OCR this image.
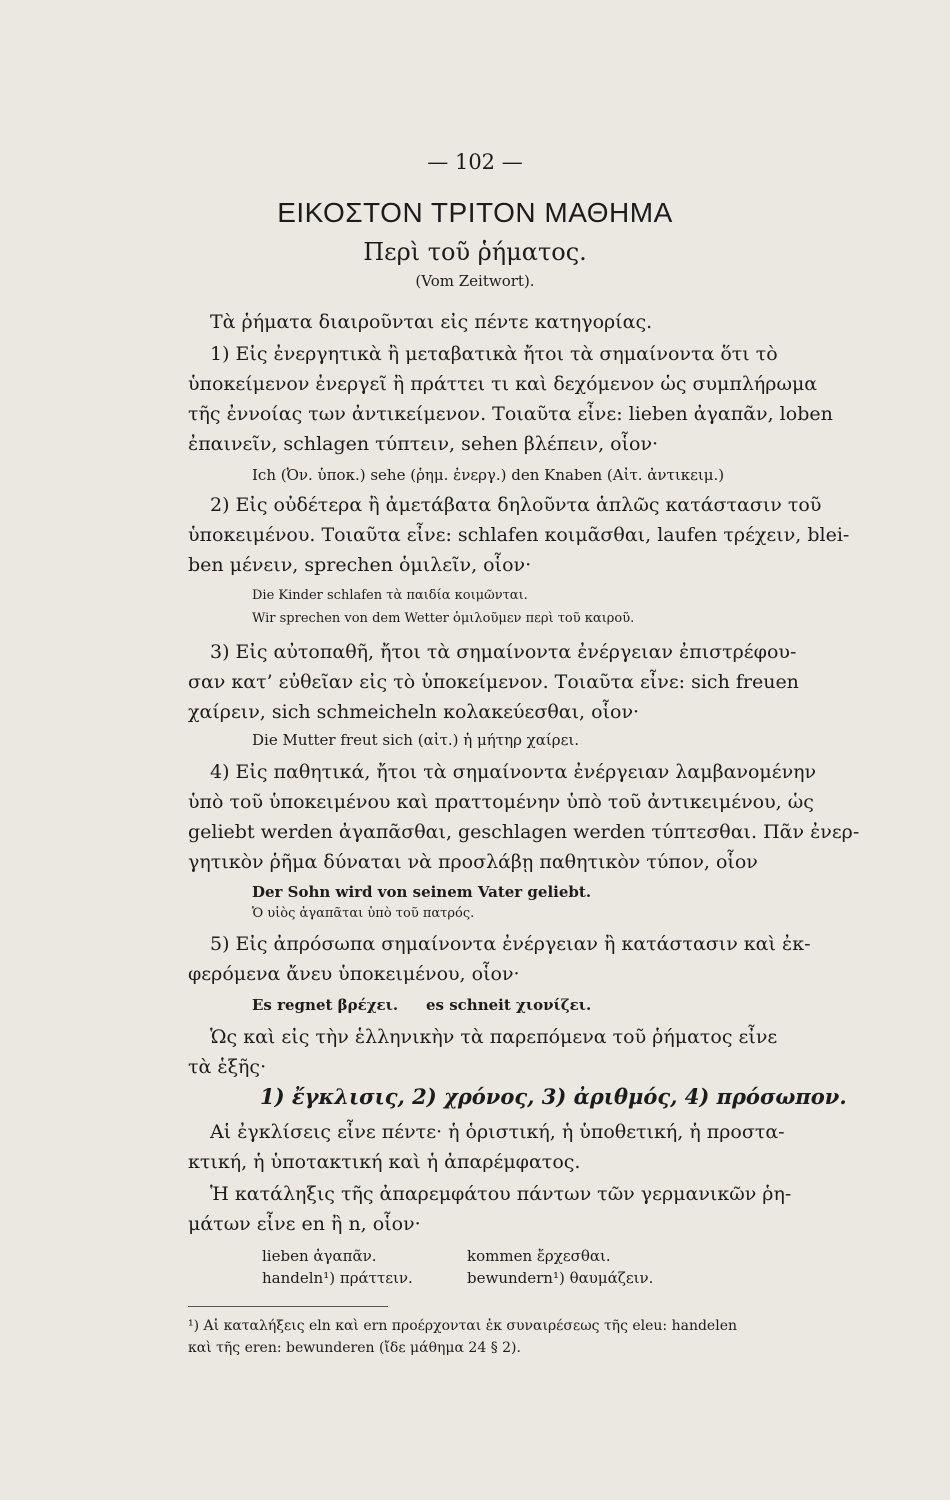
— 102 —
ΕΙΚΟΣΤΟΝ ΤΡΙΤΟΝ ΜΑΘΗΜΑ
Περὶ τοῦ ῥήματος.
(Vom Zeitwort).
Τὰ ῥήματα διαιροῦνται εἰς πέντε κατηγορίας.
1) Εἰς ἐνεργητικὰ ἢ μεταβατικὰ ἤτοι τὰ σημαίνοντα ὅτι τὸ
ὑποκείμενον ἐνεργεῖ ἢ πράττει τι καὶ δεχόμενον ὡς συμπλήρωμα
τῆς ἐννοίας των ἀντικείμενον. Τοιαῦτα εἶνε: lieben ἀγαπᾶν, loben
ἐπαινεῖν, schlagen τύπτειν, sehen βλέπειν, οἷον·
Ich (Ὀν. ὑποκ.) sehe (ῥημ. ἐνεργ.) den Knaben (Αἰτ. ἀντικειμ.)
2) Εἰς οὐδέτερα ἢ ἀμετάβατα δηλοῦντα ἁπλῶς κατάστασιν τοῦ
ὑποκειμένου. Τοιαῦτα εἶνε: schlafen κοιμᾶσθαι, laufen τρέχειν, blei-
ben μένειν, sprechen ὁμιλεῖν, οἷον·
Die Kinder schlafen τὰ παιδία κοιμῶνται.
Wir sprechen von dem Wetter ὁμιλοῦμεν περὶ τοῦ καιροῦ.
3) Εἰς αὐτοπαθῆ, ἤτοι τὰ σημαίνοντα ἐνέργειαν ἐπιστρέφου-
σαν κατ’ εὐθεῖαν εἰς τὸ ὑποκείμενον. Τοιαῦτα εἶνε: sich freuen
χαίρειν, sich schmeicheln κολακεύεσθαι, οἷον·
Die Mutter freut sich (αἰτ.) ἡ μήτηρ χαίρει.
4) Εἰς παθητικά, ἤτοι τὰ σημαίνοντα ἐνέργειαν λαμβανομένην
ὑπὸ τοῦ ὑποκειμένου καὶ πραττομένην ὑπὸ τοῦ ἀντικειμένου, ὡς
geliebt werden ἀγαπᾶσθαι, geschlagen werden τύπτεσθαι. Πᾶν ἐνερ-
γητικὸν ῥῆμα δύναται νὰ προσλάβῃ παθητικὸν τύπον, οἷον
Der Sohn wird von seinem Vater geliebt.
Ὁ υἱὸς ἀγαπᾶται ὑπὸ τοῦ πατρός.
5) Εἰς ἀπρόσωπα σημαίνοντα ἐνέργειαν ἢ κατάστασιν καὶ ἐκ-
φερόμενα ἄνευ ὑποκειμένου, οἷον·
Es regnet βρέχει. es schneit χιονίζει.
Ὡς καὶ εἰς τὴν ἑλληνικὴν τὰ παρεπόμενα τοῦ ῥήματος εἶνε
τὰ ἑξῆς·
1) ἔγκλισις, 2) χρόνος, 3) ἀριθμός, 4) πρόσωπον.
Αἱ ἐγκλίσεις εἶνε πέντε· ἡ ὁριστική, ἡ ὑποθετική, ἡ προστα-
κτική, ἡ ὑποτακτική καὶ ἡ ἀπαρέμφατος.
Ἡ κατάληξις τῆς ἀπαρεμφάτου πάντων τῶν γερμανικῶν ῥη-
μάτων εἶνε en ἢ n, οἷον·
lieben ἀγαπᾶν.	kommen ἔρχεσθαι.
handeln¹) πράττειν.	bewundern¹) θαυμάζειν.
¹) Αἱ καταλήξεις eln καὶ ern προέρχονται ἐκ συναιρέσεως τῆς eleu: handelen
καὶ τῆς eren: bewunderen (ἴδε μάθημα 24 § 2).
